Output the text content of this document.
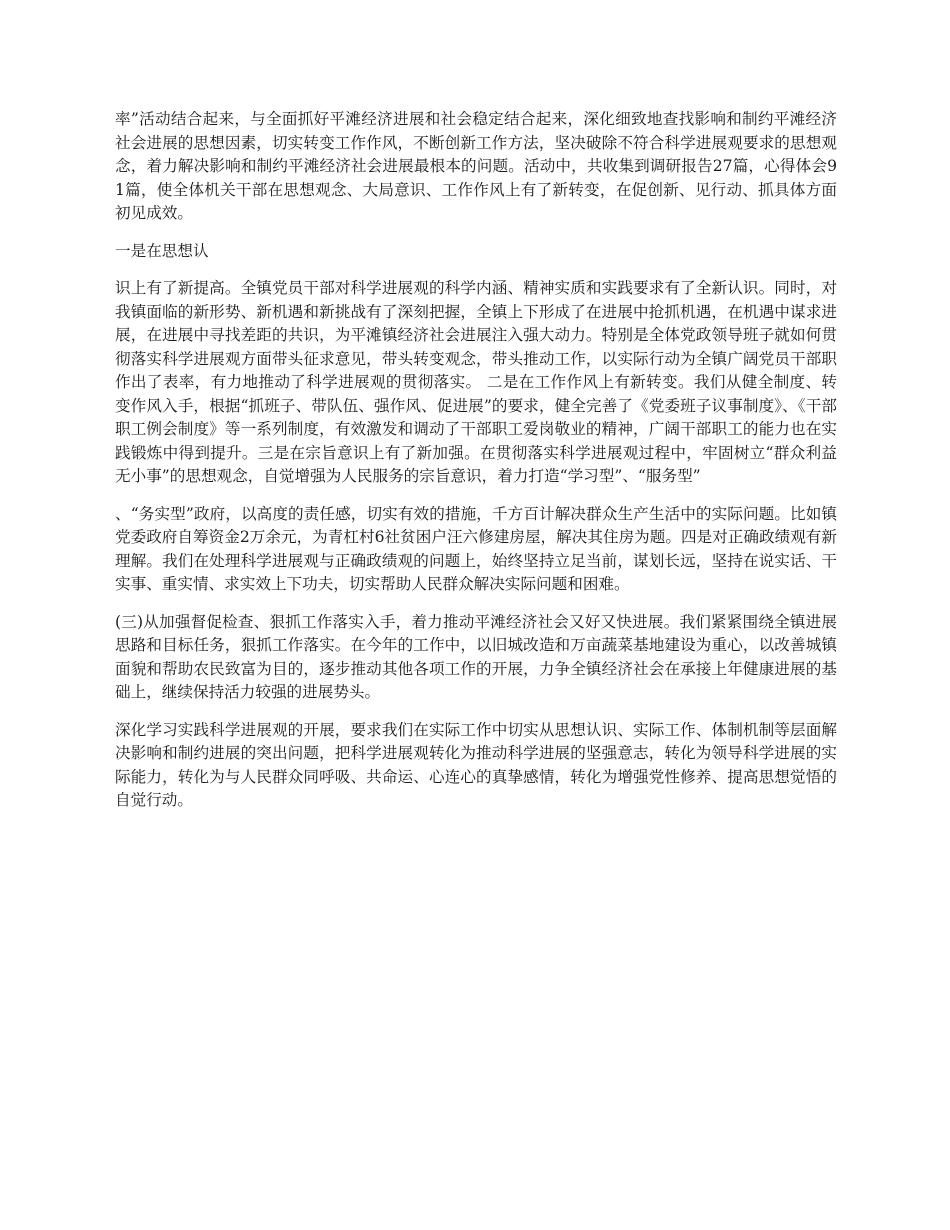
率”活动结合起来，与全面抓好平滩经济进展和社会稳定结合起来，深化细致地查找影响和制约平滩经济社会进展的思想因素，切实转变工作作风，不断创新工作方法，坚决破除不符合科学进展观要求的思想观念，着力解决影响和制约平滩经济社会进展最根本的问题。活动中，共收集到调研报告27篇，心得体会91篇，使全体机关干部在思想观念、大局意识、工作作风上有了新转变，在促创新、见行动、抓具体方面初见成效。

一是在思想认

识上有了新提高。全镇党员干部对科学进展观的科学内涵、精神实质和实践要求有了全新认识。同时，对我镇面临的新形势、新机遇和新挑战有了深刻把握，全镇上下形成了在进展中抢抓机遇，在机遇中谋求进展，在进展中寻找差距的共识，为平滩镇经济社会进展注入强大动力。特别是全体党政领导班子就如何贯彻落实科学进展观方面带头征求意见，带头转变观念，带头推动工作，以实际行动为全镇广阔党员干部职作出了表率，有力地推动了科学进展观的贯彻落实。 二是在工作作风上有新转变。我们从健全制度、转变作风入手，根据“抓班子、带队伍、强作风、促进展”的要求，健全完善了《党委班子议事制度》、《干部职工例会制度》等一系列制度，有效激发和调动了干部职工爱岗敬业的精神，广阔干部职工的能力也在实践锻炼中得到提升。三是在宗旨意识上有了新加强。在贯彻落实科学进展观过程中，牢固树立“群众利益无小事”的思想观念，自觉增强为人民服务的宗旨意识，着力打造“学习型”、“服务型”

、“务实型”政府，以高度的责任感，切实有效的措施，千方百计解决群众生产生活中的实际问题。比如镇党委政府自筹资金2万余元，为青杠村6社贫困户汪六修建房屋，解决其住房为题。四是对正确政绩观有新理解。我们在处理科学进展观与正确政绩观的问题上，始终坚持立足当前，谋划长远，坚持在说实话、干实事、重实情、求实效上下功夫，切实帮助人民群众解决实际问题和困难。

(三)从加强督促检查、狠抓工作落实入手，着力推动平滩经济社会又好又快进展。我们紧紧围绕全镇进展思路和目标任务，狠抓工作落实。在今年的工作中，以旧城改造和万亩蔬菜基地建设为重心，以改善城镇面貌和帮助农民致富为目的，逐步推动其他各项工作的开展，力争全镇经济社会在承接上年健康进展的基础上，继续保持活力较强的进展势头。

深化学习实践科学进展观的开展，要求我们在实际工作中切实从思想认识、实际工作、体制机制等层面解决影响和制约进展的突出问题，把科学进展观转化为推动科学进展的坚强意志，转化为领导科学进展的实际能力，转化为与人民群众同呼吸、共命运、心连心的真挚感情，转化为增强党性修养、提高思想觉悟的自觉行动。
